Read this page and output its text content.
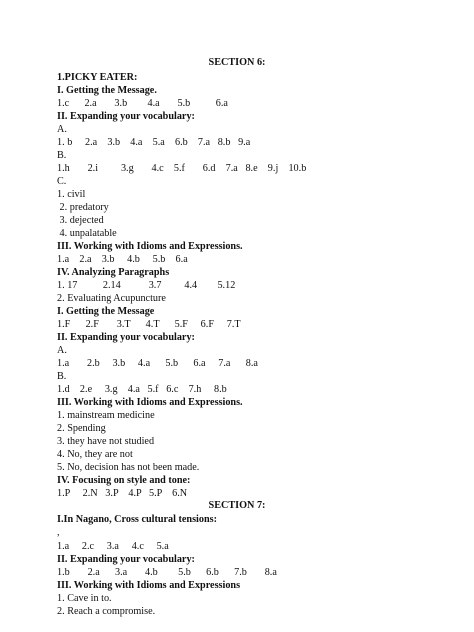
SECTION 6:
1.PICKY EATER:
I. Getting the Message.
1.c      2.a       3.b        4.a       5.b          6.a
II. Expanding your vocabulary:
A.
1. b     2.a    3.b    4.a    5.a    6.b    7.a   8.b   9.a
B.
1.h       2.i         3.g       4.c    5.f       6.d    7.a   8.e    9.j    10.b
C.
1. civil
2. predatory
3. dejected
4. unpalatable
III. Working with Idioms and Expressions.
1.a    2.a    3.b     4.b     5.b    6.a
IV. Analyzing Paragraphs
1. 17          2.14           3.7         4.4        5.12
2. Evaluating Acupuncture
I. Getting the Message
1.F      2.F       3.T      4.T      5.F     6.F     7.T
II. Expanding your vocabulary:
A.
1.a       2.b     3.b     4.a      5.b      6.a     7.a      8.a
B.
1.d    2.e     3.g    4.a   5.f   6.c    7.h     8.b
III. Working with Idioms and Expressions.
1. mainstream medicine
2. Spending
3. they have not studied
4. No, they are not
5. No, decision has not been made.
IV. Focusing on style and tone:
1.P     2.N   3.P    4.P   5.P    6.N
SECTION 7:
I.In Nagano, Cross cultural tensions:
,
1.a     2.c     3.a     4.c     5.a
II. Expanding your vocabulary:
1.b       2.a      3.a       4.b        5.b      6.b      7.b       8.a
III. Working with Idioms and Expressions
1. Cave in to.
2. Reach a compromise.
